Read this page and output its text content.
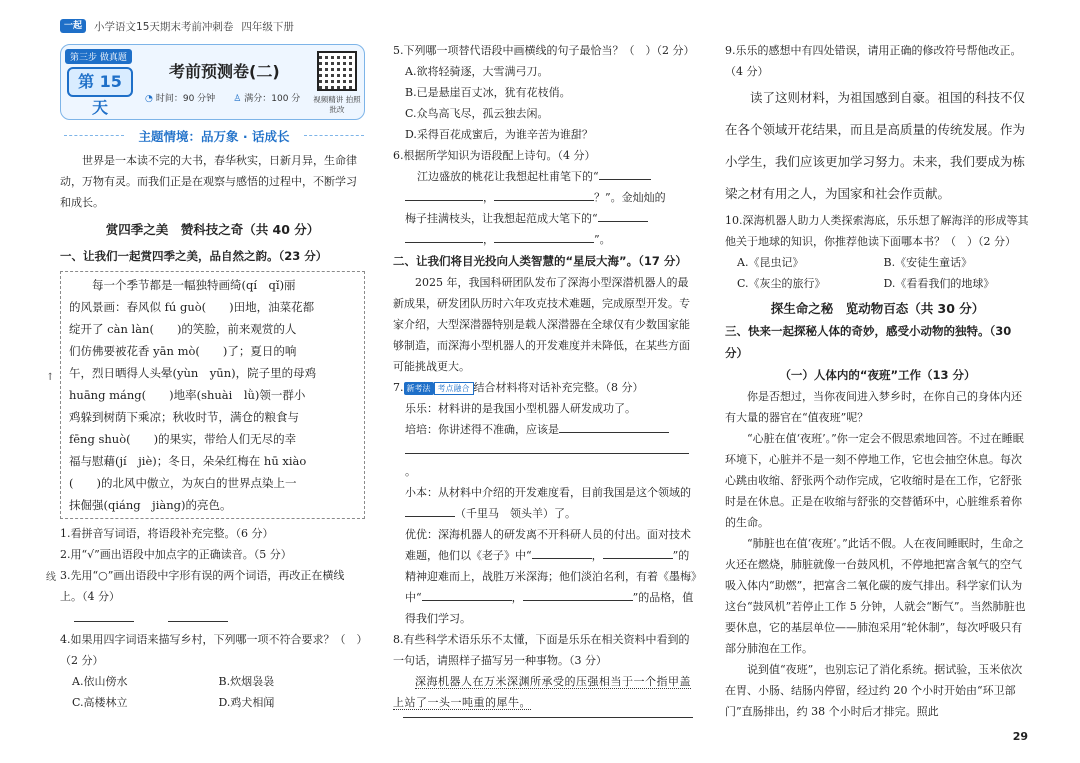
一起	小学语文15天期末考前冲刺卷 四年级下册
第三步 做真题
第 15 天
考前预测卷(二)
◔ 时间：90 分钟 ♙ 满分：100 分	视频精讲 拍照批改
主题情境：品万象 · 话成长
世界是一本读不完的大书，春华秋实，日新月异，生命律动，万物有灵。而我们正是在观察与感悟的过程中，不断学习和成长。
赏四季之美　赞科技之奇（共 40 分）
一、让我们一起赏四季之美，品自然之韵。（23 分）
每一个季节都是一幅独特画绮(qí　qǐ)丽
的风景画：春风似 fú guò(　　)田地，油菜花都
绽开了 càn làn(　　)的笑脸，前来观赏的人
们仿佛要被花香 yān mò(　　)了；夏日的响
午，烈日晒得人头晕(yùn　yūn)，院子里的母鸡
huāng máng(　　)地率(shuài　lǜ)领一群小
鸡躲到树荫下乘凉；秋收时节，满仓的粮食与
fēng shuò(　　)的果实，带给人们无尽的幸
福与慰藉(jí　jiè)；冬日，朵朵红梅在 hū xiào
(　　)的北风中傲立，为灰白的世界点染上一
抹倔强(qiáng　jiàng)的亮色。
1.看拼音写词语，将语段补充完整。（6 分）
2.用“√”画出语段中加点字的正确读音。（5 分）
3.先用“○”画出语段中字形有误的两个词语，再改正在横线上。（4 分）

4.如果用四字词语来描写乡村，下列哪一项不符合要求？（　）（2 分）
A.依山傍水	B.炊烟袅袅
C.高楼林立	D.鸡犬相闻
5.下列哪一项替代语段中画横线的句子最恰当？（　）（2 分）
A.欲将轻骑逐，大雪满弓刀。
B.已是悬崖百丈冰，犹有花枝俏。
C.众鸟高飞尽，孤云独去闲。
D.采得百花成蜜后，为谁辛苦为谁甜？
6.根据所学知识为语段配上诗句。（4 分）
江边盛放的桃花让我想起杜甫笔下的“
，	？”。金灿灿的
梅子挂满枝头，让我想起范成大笔下的“
，	”。
二、让我们将目光投向人类智慧的“星辰大海”。（17 分）
2025 年，我国科研团队发布了深海小型深潜机器人的最新成果，研发团队历时六年攻克技术难题，完成原型开发。专家介绍，大型深潜器特别是载人深潜器在全球仅有少数国家能够制造，而深海小型机器人的开发难度并未降低，在某些方面可能挑战更大。
7. 新考法 考点融合 结合材料将对话补充完整。（8 分）
乐乐：材料讲的是我国小型机器人研发成功了。
培培：你讲述得不准确，应该是
。
小本：从材料中介绍的开发难度看，目前我国是这个领域的（千里马　领头羊）了。
优优：深海机器人的研发离不开科研人员的付出。面对技术难题，他们以《老子》中“	，	”的精神迎难而上，战胜万米深海；他们淡泊名利，有着《墨梅》中“	，	”的品格，值得我们学习。
8.有些科学术语乐乐不太懂，下面是乐乐在相关资料中看到的一句话，请照样子描写另一种事物。（3 分）
深海机器人在万米深渊所承受的压强相当于一个指甲盖上站了一头一吨重的犀牛。
9.乐乐的感想中有四处错误，请用正确的修改符号帮他改正。（4 分）
读了这则材料，为祖国感到自豪。祖国的科技不仅在各个领域开花结果，而且是高质量的传统发展。作为小学生，我们应该更加学习努力。未来，我们要成为栋梁之材有用之人，为国家和社会作贡献。
10.深海机器人助力人类探索海底，乐乐想了解海洋的形成等其他关于地球的知识，你推荐他读下面哪本书？（　）（2 分）
A.《昆虫记》	B.《安徒生童话》
C.《灰尘的旅行》	D.《看看我们的地球》
探生命之秘　览动物百态（共 30 分）
三、快来一起探秘人体的奇妙，感受小动物的独特。（30 分）
（一）人体内的“夜班”工作（13 分）
你是否想过，当你夜间进入梦乡时，在你自己的身体内还有大量的器官在“值夜班”呢？
“心脏在值‘夜班’。”你一定会不假思索地回答。不过在睡眠环境下，心脏并不是一刻不停地工作，它也会抽空休息。每次心跳由收缩、舒张两个动作完成，它收缩时是在工作，它舒张时是在休息。正是在收缩与舒张的交替循环中，心脏维系着你的生命。
“肺脏也在值‘夜班’。”此话不假。人在夜间睡眠时，生命之火还在燃烧，肺脏就像一台鼓风机，不停地把富含氧气的空气吸入体内“助燃”，把富含二氧化碳的废气排出。科学家们认为这台“鼓风机”若停止工作 5 分钟，人就会“断气”。当然肺脏也要休息，它的基层单位——肺泡采用“轮休制”，每次呼吸只有部分肺泡在工作。
说到值“夜班”，也别忘记了消化系统。据试验，玉米依次在胃、小肠、结肠内停留，经过约 20 个小时开始由“环卫部门”直肠排出，约 38 个小时后才排完。照此
↑
线
29
